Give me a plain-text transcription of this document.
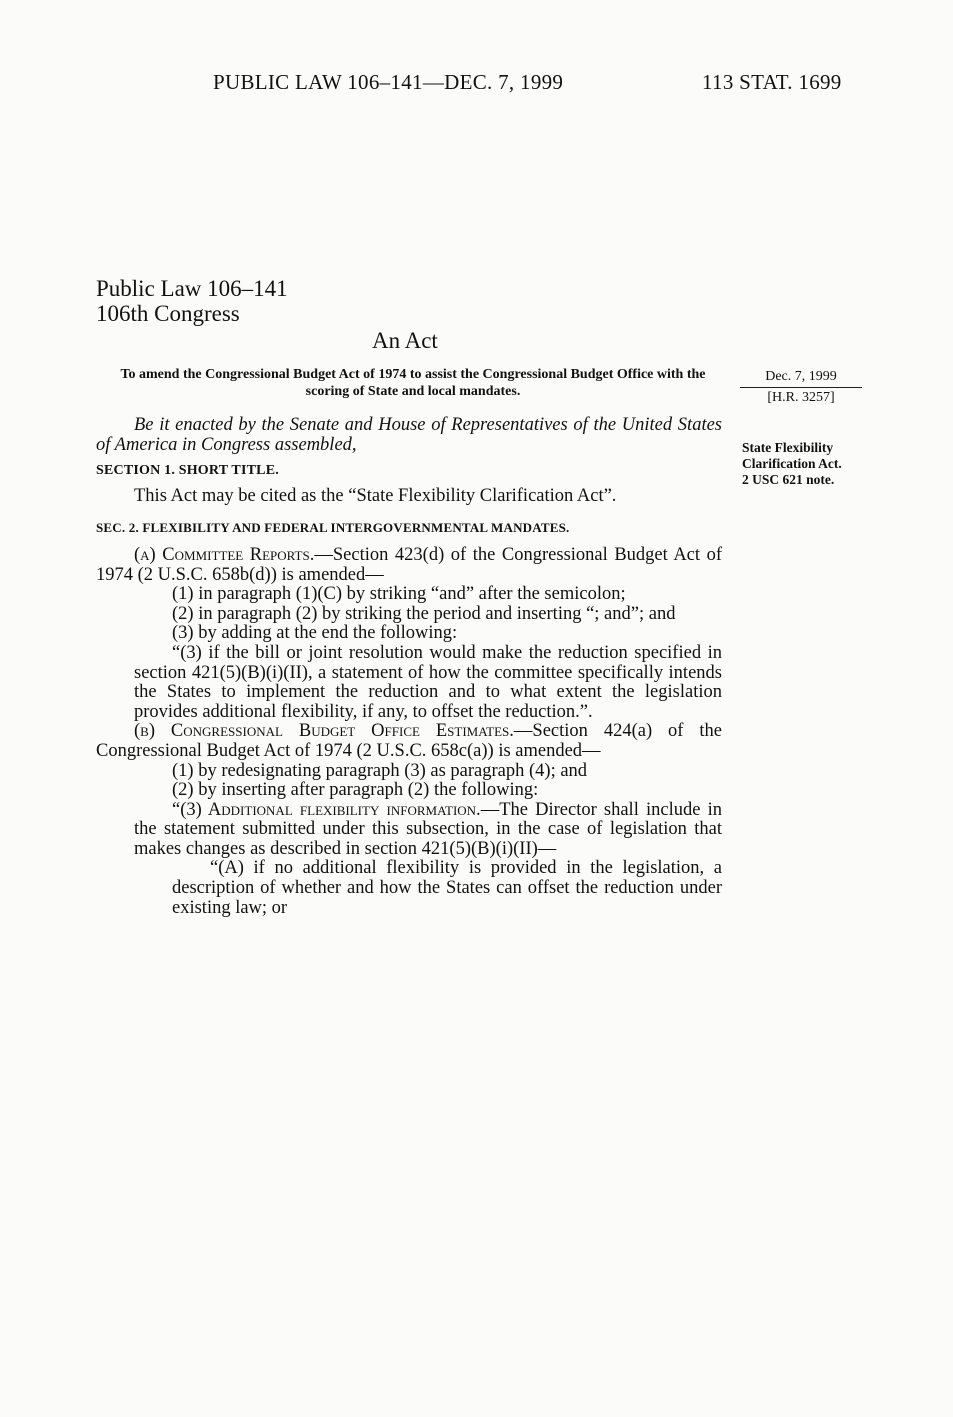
PUBLIC LAW 106–141—DEC. 7, 1999	113 STAT. 1699
Public Law 106–141
106th Congress
An Act
To amend the Congressional Budget Act of 1974 to assist the Congressional Budget Office with the scoring of State and local mandates.
Dec. 7, 1999
[H.R. 3257]
State Flexibility
Clarification Act.
2 USC 621 note.

Be it enacted by the Senate and House of Representatives of the United States of America in Congress assembled,

SECTION 1. SHORT TITLE.

This Act may be cited as the “State Flexibility Clarification Act”.

SEC. 2. FLEXIBILITY AND FEDERAL INTERGOVERNMENTAL MANDATES.

(a) Committee Reports.—Section 423(d) of the Congressional Budget Act of 1974 (2 U.S.C. 658b(d)) is amended—

(1) in paragraph (1)(C) by striking “and” after the semicolon;

(2) in paragraph (2) by striking the period and inserting “; and”; and

(3) by adding at the end the following:

“(3) if the bill or joint resolution would make the reduction specified in section 421(5)(B)(i)(II), a statement of how the committee specifically intends the States to implement the reduction and to what extent the legislation provides additional flexibility, if any, to offset the reduction.”.

(b) Congressional Budget Office Estimates.—Section 424(a) of the Congressional Budget Act of 1974 (2 U.S.C. 658c(a)) is amended—

(1) by redesignating paragraph (3) as paragraph (4); and

(2) by inserting after paragraph (2) the following:

“(3) Additional flexibility information.—The Director shall include in the statement submitted under this subsection, in the case of legislation that makes changes as described in section 421(5)(B)(i)(II)—

“(A) if no additional flexibility is provided in the legislation, a description of whether and how the States can offset the reduction under existing law; or
